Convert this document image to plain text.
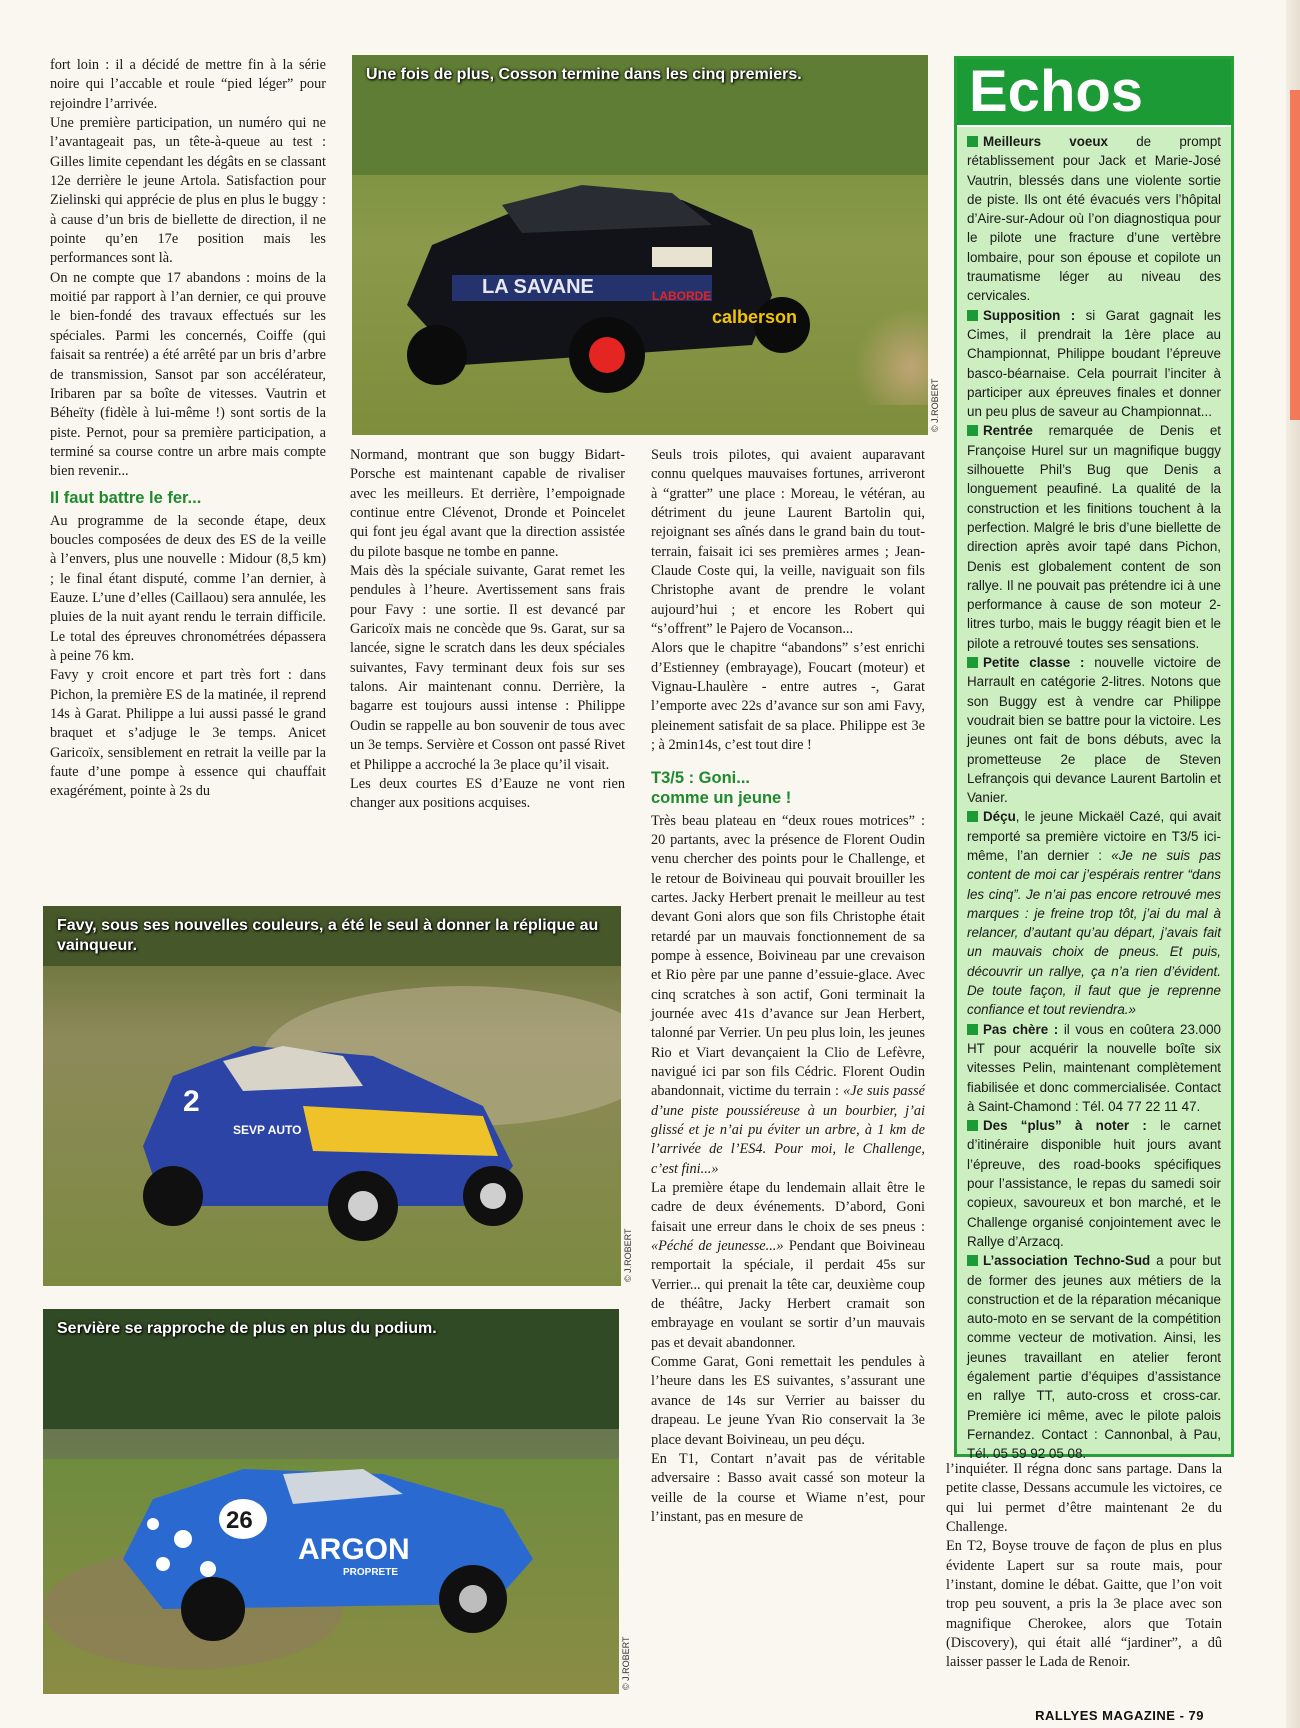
fort loin : il a décidé de mettre fin à la série noire qui l’accable et roule “pied léger” pour rejoindre l’arrivée.

Une première participation, un numéro qui ne l’avantageait pas, un tête-à-queue au test : Gilles limite cependant les dégâts en se classant 12e derrière le jeune Artola. Satisfaction pour Zielinski qui apprécie de plus en plus le buggy : à cause d’un bris de biellette de direction, il ne pointe qu’en 17e position mais les performances sont là.

On ne compte que 17 abandons : moins de la moitié par rapport à l’an dernier, ce qui prouve le bien-fondé des travaux effectués sur les spéciales. Parmi les concernés, Coiffe (qui faisait sa rentrée) a été arrêté par un bris d’arbre de transmission, Sansot par son accélérateur, Iribaren par sa boîte de vitesses. Vautrin et Béheïty (fidèle à lui-même !) sont sortis de la piste. Pernot, pour sa première participation, a terminé sa course contre un arbre mais compte bien revenir...

Il faut battre le fer...

Au programme de la seconde étape, deux boucles composées de deux des ES de la veille à l’envers, plus une nouvelle : Midour (8,5 km) ; le final étant disputé, comme l’an dernier, à Eauze. L’une d’elles (Caillaou) sera annulée, les pluies de la nuit ayant rendu le terrain difficile. Le total des épreuves chronométrées dépassera à peine 76 km.

Favy y croit encore et part très fort : dans Pichon, la première ES de la matinée, il reprend 14s à Garat. Philippe a lui aussi passé le grand braquet et s’adjuge le 3e temps. Anicet Garicoïx, sensiblement en retrait la veille par la faute d’une pompe à essence qui chauffait exagérément, pointe à 2s du

LA SAVANE	LABORDE
calberson
Une fois de plus, Cosson termine dans les cinq premiers.
© J.ROBERT

Normand, montrant que son buggy Bidart-Porsche est maintenant capable de rivaliser avec les meilleurs. Et derrière, l’empoignade continue entre Clévenot, Dronde et Poincelet qui font jeu égal avant que la direction assistée du pilote basque ne tombe en panne.

Mais dès la spéciale suivante, Garat remet les pendules à l’heure. Avertissement sans frais pour Favy : une sortie. Il est devancé par Garicoïx mais ne concède que 9s. Garat, sur sa lancée, signe le scratch dans les deux spéciales suivantes, Favy terminant deux fois sur ses talons. Air maintenant connu. Derrière, la bagarre est toujours aussi intense : Philippe Oudin se rappelle au bon souvenir de tous avec un 3e temps. Servière et Cosson ont passé Rivet et Philippe a accroché la 3e place qu’il visait.

Les deux courtes ES d’Eauze ne vont rien changer aux positions acquises.

Seuls trois pilotes, qui avaient auparavant connu quelques mauvaises fortunes, arriveront à “gratter” une place : Moreau, le vétéran, au détriment du jeune Laurent Bartolin qui, rejoignant ses aînés dans le grand bain du tout-terrain, faisait ici ses premières armes ; Jean-Claude Coste qui, la veille, naviguait son fils Christophe avant de prendre le volant aujourd’hui ; et encore les Robert qui “s’offrent” le Pajero de Vocanson...

Alors que le chapitre “abandons” s’est enrichi d’Estienney (embrayage), Foucart (moteur) et Vignau-Lhaulère - entre autres -, Garat l’emporte avec 22s d’avance sur son ami Favy, pleinement satisfait de sa place. Philippe est 3e ; à 2min14s, c’est tout dire !

T3/5 : Goni...
comme un jeune !

Très beau plateau en “deux roues motrices” : 20 partants, avec la présence de Florent Oudin venu chercher des points pour le Challenge, et le retour de Boivineau qui pouvait brouiller les cartes. Jacky Herbert prenait le meilleur au test devant Goni alors que son fils Christophe était retardé par un mauvais fonctionnement de sa pompe à essence, Boivineau par une crevaison et Rio père par une panne d’essuie-glace. Avec cinq scratches à son actif, Goni terminait la journée avec 41s d’avance sur Jean Herbert, talonné par Verrier. Un peu plus loin, les jeunes Rio et Viart devançaient la Clio de Lefèvre, navigué ici par son fils Cédric. Florent Oudin abandonnait, victime du terrain : «Je suis passé d’une piste poussiéreuse à un bourbier, j’ai glissé et je n’ai pu éviter un arbre, à 1 km de l’arrivée de l’ES4. Pour moi, le Challenge, c’est fini...»

La première étape du lendemain allait être le cadre de deux événements. D’abord, Goni faisait une erreur dans le choix de ses pneus : «Péché de jeunesse...» Pendant que Boivineau remportait la spéciale, il perdait 45s sur Verrier... qui prenait la tête car, deuxième coup de théâtre, Jacky Herbert cramait son embrayage en voulant se sortir d’un mauvais pas et devait abandonner.

Comme Garat, Goni remettait les pendules à l’heure dans les ES suivantes, s’assurant une avance de 14s sur Verrier au baisser du drapeau. Le jeune Yvan Rio conservait la 3e place devant Boivineau, un peu déçu.

En T1, Contart n’avait pas de véritable adversaire : Basso avait cassé son moteur la veille de la course et Wiame n’est, pour l’instant, pas en mesure de

2
SEVP AUTO
Favy, sous ses nouvelles couleurs, a été le seul à donner la réplique au vainqueur.
© J.ROBERT
26
ARGON
PROPRETE
Servière se rapproche de plus en plus du podium.
© J.ROBERT
Echos

Meilleurs voeux de prompt rétablissement pour Jack et Marie-José Vautrin, blessés dans une violente sortie de piste. Ils ont été évacués vers l’hôpital d’Aire-sur-Adour où l’on diagnostiqua pour le pilote une fracture d’une vertèbre lombaire, pour son épouse et copilote un traumatisme léger au niveau des cervicales.

Supposition : si Garat gagnait les Cimes, il prendrait la 1ère place au Championnat, Philippe boudant l’épreuve basco-béarnaise. Cela pourrait l’inciter à participer aux épreuves finales et donner un peu plus de saveur au Championnat...

Rentrée remarquée de Denis et Françoise Hurel sur un magnifique buggy silhouette Phil’s Bug que Denis a longuement peaufiné. La qualité de la construction et les finitions touchent à la perfection. Malgré le bris d’une biellette de direction après avoir tapé dans Pichon, Denis est globalement content de son rallye. Il ne pouvait pas prétendre ici à une performance à cause de son moteur 2-litres turbo, mais le buggy réagit bien et le pilote a retrouvé toutes ses sensations.

Petite classe : nouvelle victoire de Harrault en catégorie 2-litres. Notons que son Buggy est à vendre car Philippe voudrait bien se battre pour la victoire. Les jeunes ont fait de bons débuts, avec la prometteuse 2e place de Steven Lefrançois qui devance Laurent Bartolin et Vanier.

Déçu, le jeune Mickaël Cazé, qui avait remporté sa première victoire en T3/5 ici-même, l’an dernier : «Je ne suis pas content de moi car j’espérais rentrer “dans les cinq”. Je n’ai pas encore retrouvé mes marques : je freine trop tôt, j’ai du mal à relancer, d’autant qu’au départ, j’avais fait un mauvais choix de pneus. Et puis, découvrir un rallye, ça n’a rien d’évident. De toute façon, il faut que je reprenne confiance et tout reviendra.»

Pas chère : il vous en coûtera 23.000 HT pour acquérir la nouvelle boîte six vitesses Pelin, maintenant complètement fiabilisée et donc commercialisée. Contact à Saint-Chamond : Tél. 04 77 22 11 47.

Des “plus” à noter : le carnet d’itinéraire disponible huit jours avant l’épreuve, des road-books spécifiques pour l’assistance, le repas du samedi soir copieux, savoureux et bon marché, et le Challenge organisé conjointement avec le Rallye d’Arzacq.

L’association Techno-Sud a pour but de former des jeunes aux métiers de la construction et de la réparation mécanique auto-moto en se servant de la compétition comme vecteur de motivation. Ainsi, les jeunes travaillant en atelier feront également partie d’équipes d’assistance en rallye TT, auto-cross et cross-car. Première ici même, avec le pilote palois Fernandez. Contact : Cannonbal, à Pau, Tél. 05 59 92 05 08.

l’inquiéter. Il régna donc sans partage. Dans la petite classe, Dessans accumule les victoires, ce qui lui permet d’être maintenant 2e du Challenge.

En T2, Boyse trouve de façon de plus en plus évidente Lapert sur sa route mais, pour l’instant, domine le débat. Gaitte, que l’on voit trop peu souvent, a pris la 3e place avec son magnifique Cherokee, alors que Totain (Discovery), qui était allé “jardiner”, a dû laisser passer le Lada de Renoir.

RALLYES MAGAZINE - 79
